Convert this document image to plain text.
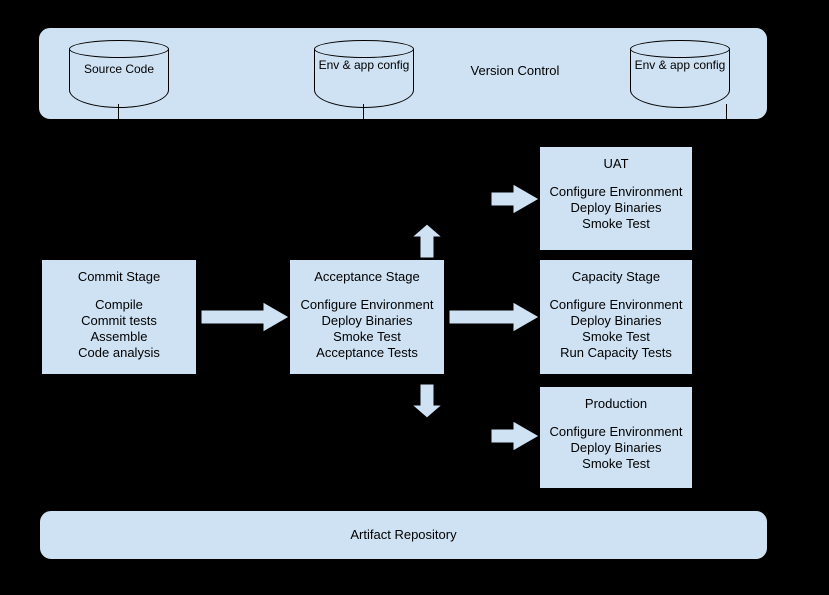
Version Control
Source Code	Env & app config	Env & app config
Commit Stage
Compile
Commit tests
Assemble
Code analysis
Acceptance Stage
Configure Environment
Deploy Binaries
Smoke Test
Acceptance Tests
UAT
Configure Environment
Deploy Binaries
Smoke Test
Capacity Stage
Configure Environment
Deploy Binaries
Smoke Test
Run Capacity Tests
Production
Configure Environment
Deploy Binaries
Smoke Test
Artifact Repository
